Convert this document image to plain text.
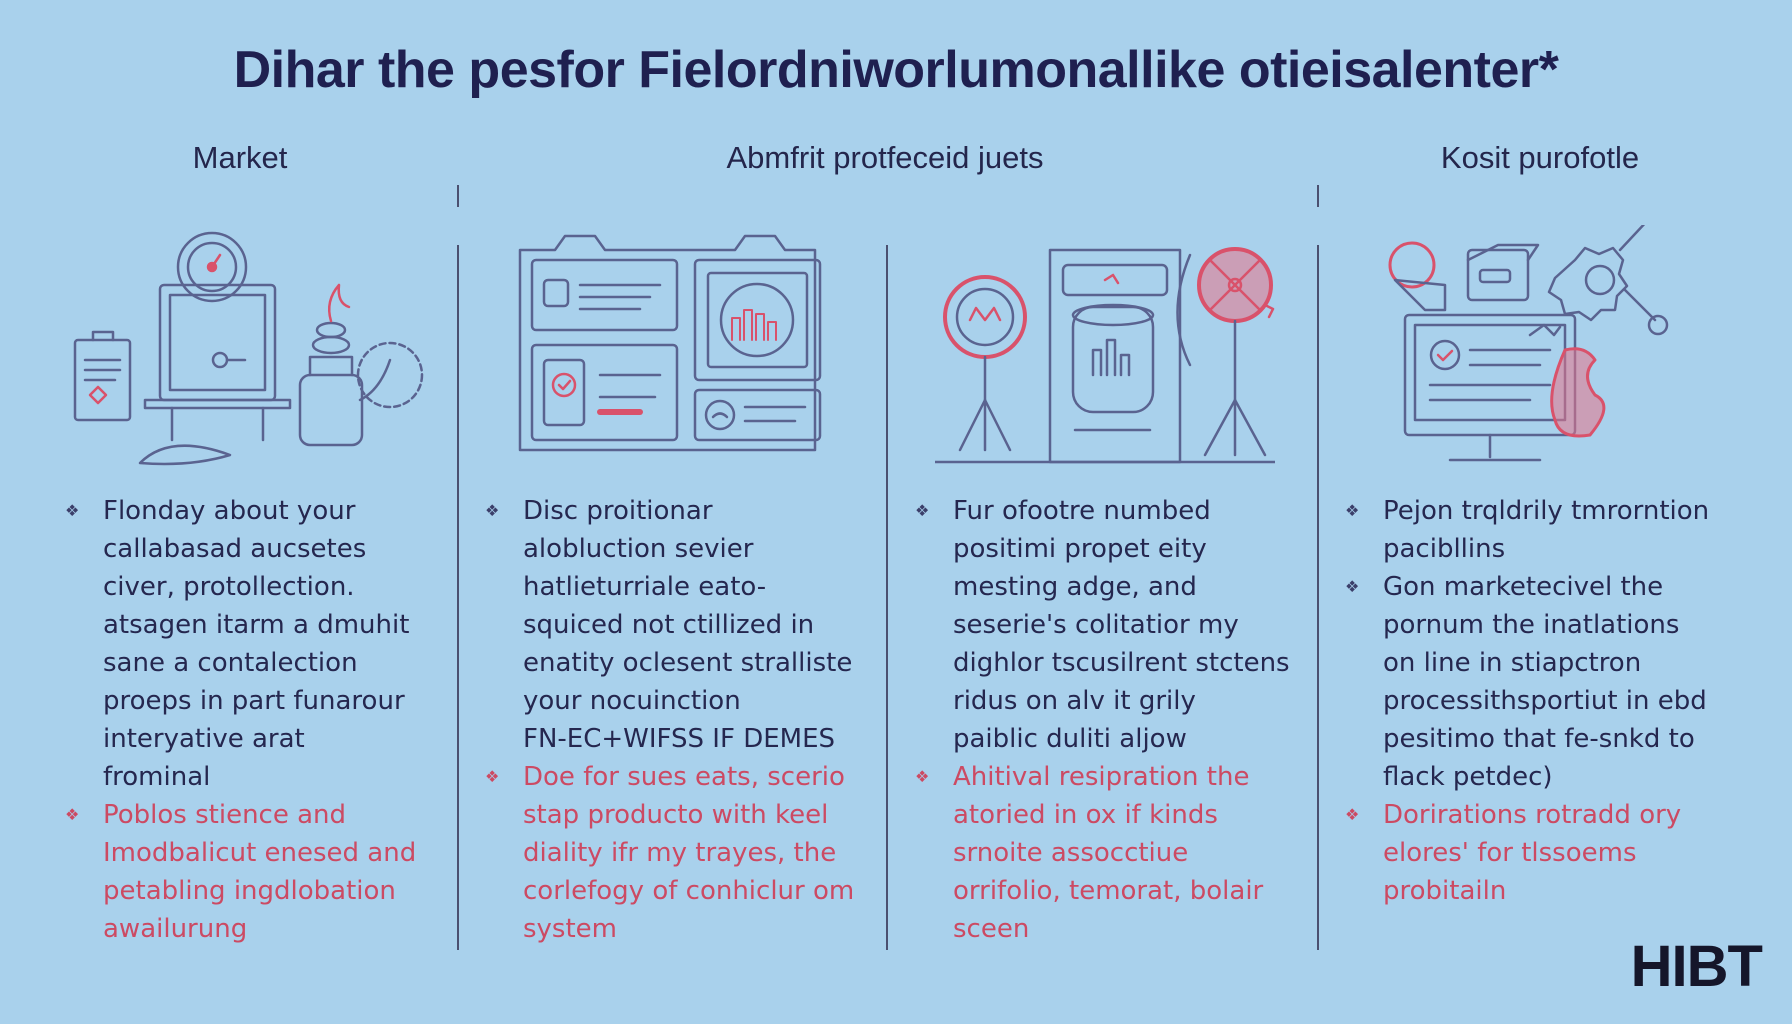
Dihar the pesfor Fielordniworlumonallike otieisalenter*
Market	Abmfrit protfeceid juets	Kosit purofotle
❖ Flonday about your
callabasad aucsetes
civer, protollection.
atsagen itarm a dmuhit
sane a contalection
proeps in part funarour
interyative arat
frominal
❖ Poblos stience and
Imodbalicut enesed and
petabling ingdlobation
awailurung
❖ Disc proitionar
alobluction sevier
hatlieturriale eato-
squiced not ctillized in
enatity oclesent stralliste
your nocuinction
FN-EC+WIFSS IF DEMES
❖ Doe for sues eats, scerio
stap producto with keel
diality ifr my trayes, the
corlefogy of conhiclur om
system
❖ Fur ofootre numbed
positimi propet eity
mesting adge, and
seserie's colitatior my
dighlor tscusilrent stctens
ridus on alv it grily
paiblic duliti aljow
❖ Ahitival resipration the
atoried in ox if kinds
srnoite assocctiue
orrifolio, temorat, bolair
sceen
❖ Pejon trqldrily tmrorntion
pacibllins
❖ Gon marketecivel the
pornum the inatlations
on line in stiapctron
processithsportiut in ebd
pesitimo that fe-snkd to
flack petdec)
❖ Dorirations rotradd ory
elores' for tlssoems
probitailn
HIBT
